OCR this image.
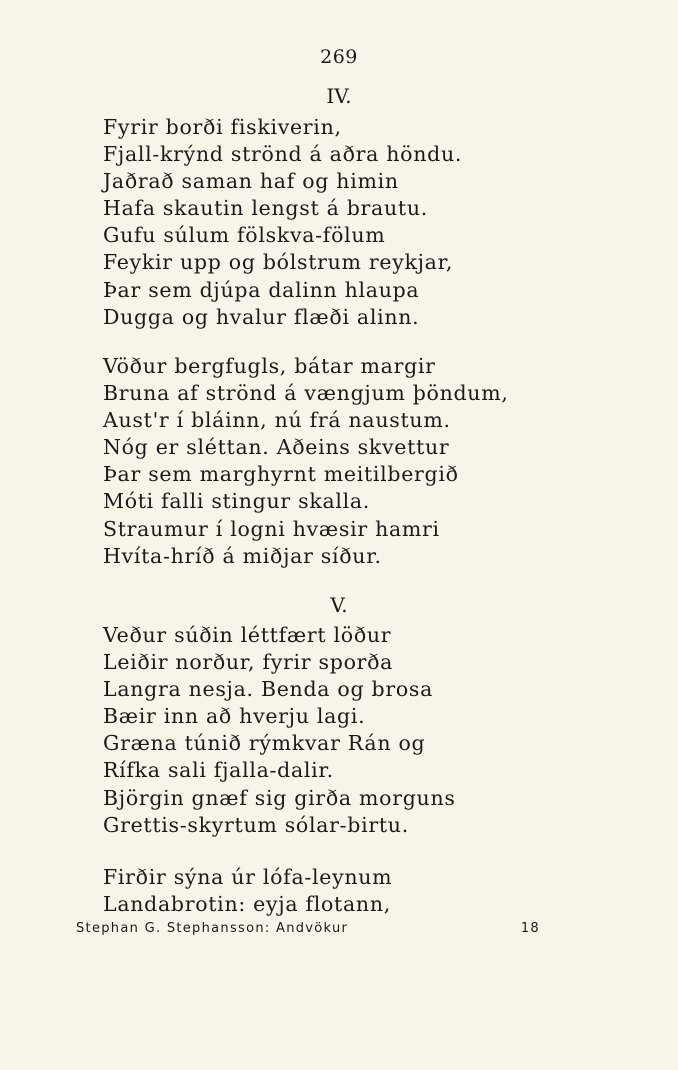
269
IV.
Fyrir borði fiskiverin,
Fjall-krýnd strönd á aðra höndu.
Jaðrað saman haf og himin
Hafa skautin lengst á brautu.
Gufu súlum fölskva-fölum
Feykir upp og bólstrum reykjar,
Þar sem djúpa dalinn hlaupa
Dugga og hvalur flæði alinn.
Vöður bergfugls, bátar margir
Bruna af strönd á vængjum þöndum,
Aust'r í bláinn, nú frá naustum.
Nóg er sléttan. Aðeins skvettur
Þar sem marghyrnt meitilbergið
Móti falli stingur skalla.
Straumur í logni hvæsir hamri
Hvíta-hríð á miðjar síður.
V.
Veður súðin léttfært löður
Leiðir norður, fyrir sporða
Langra nesja. Benda og brosa
Bæir inn að hverju lagi.
Græna túnið rýmkvar Rán og
Rífka sali fjalla-dalir.
Björgin gnæf sig girða morguns
Grettis-skyrtum sólar-birtu.
Firðir sýna úr lófa-leynum
Landabrotin: eyja flotann,
Stephan G. Stephansson: Andvökur	18
